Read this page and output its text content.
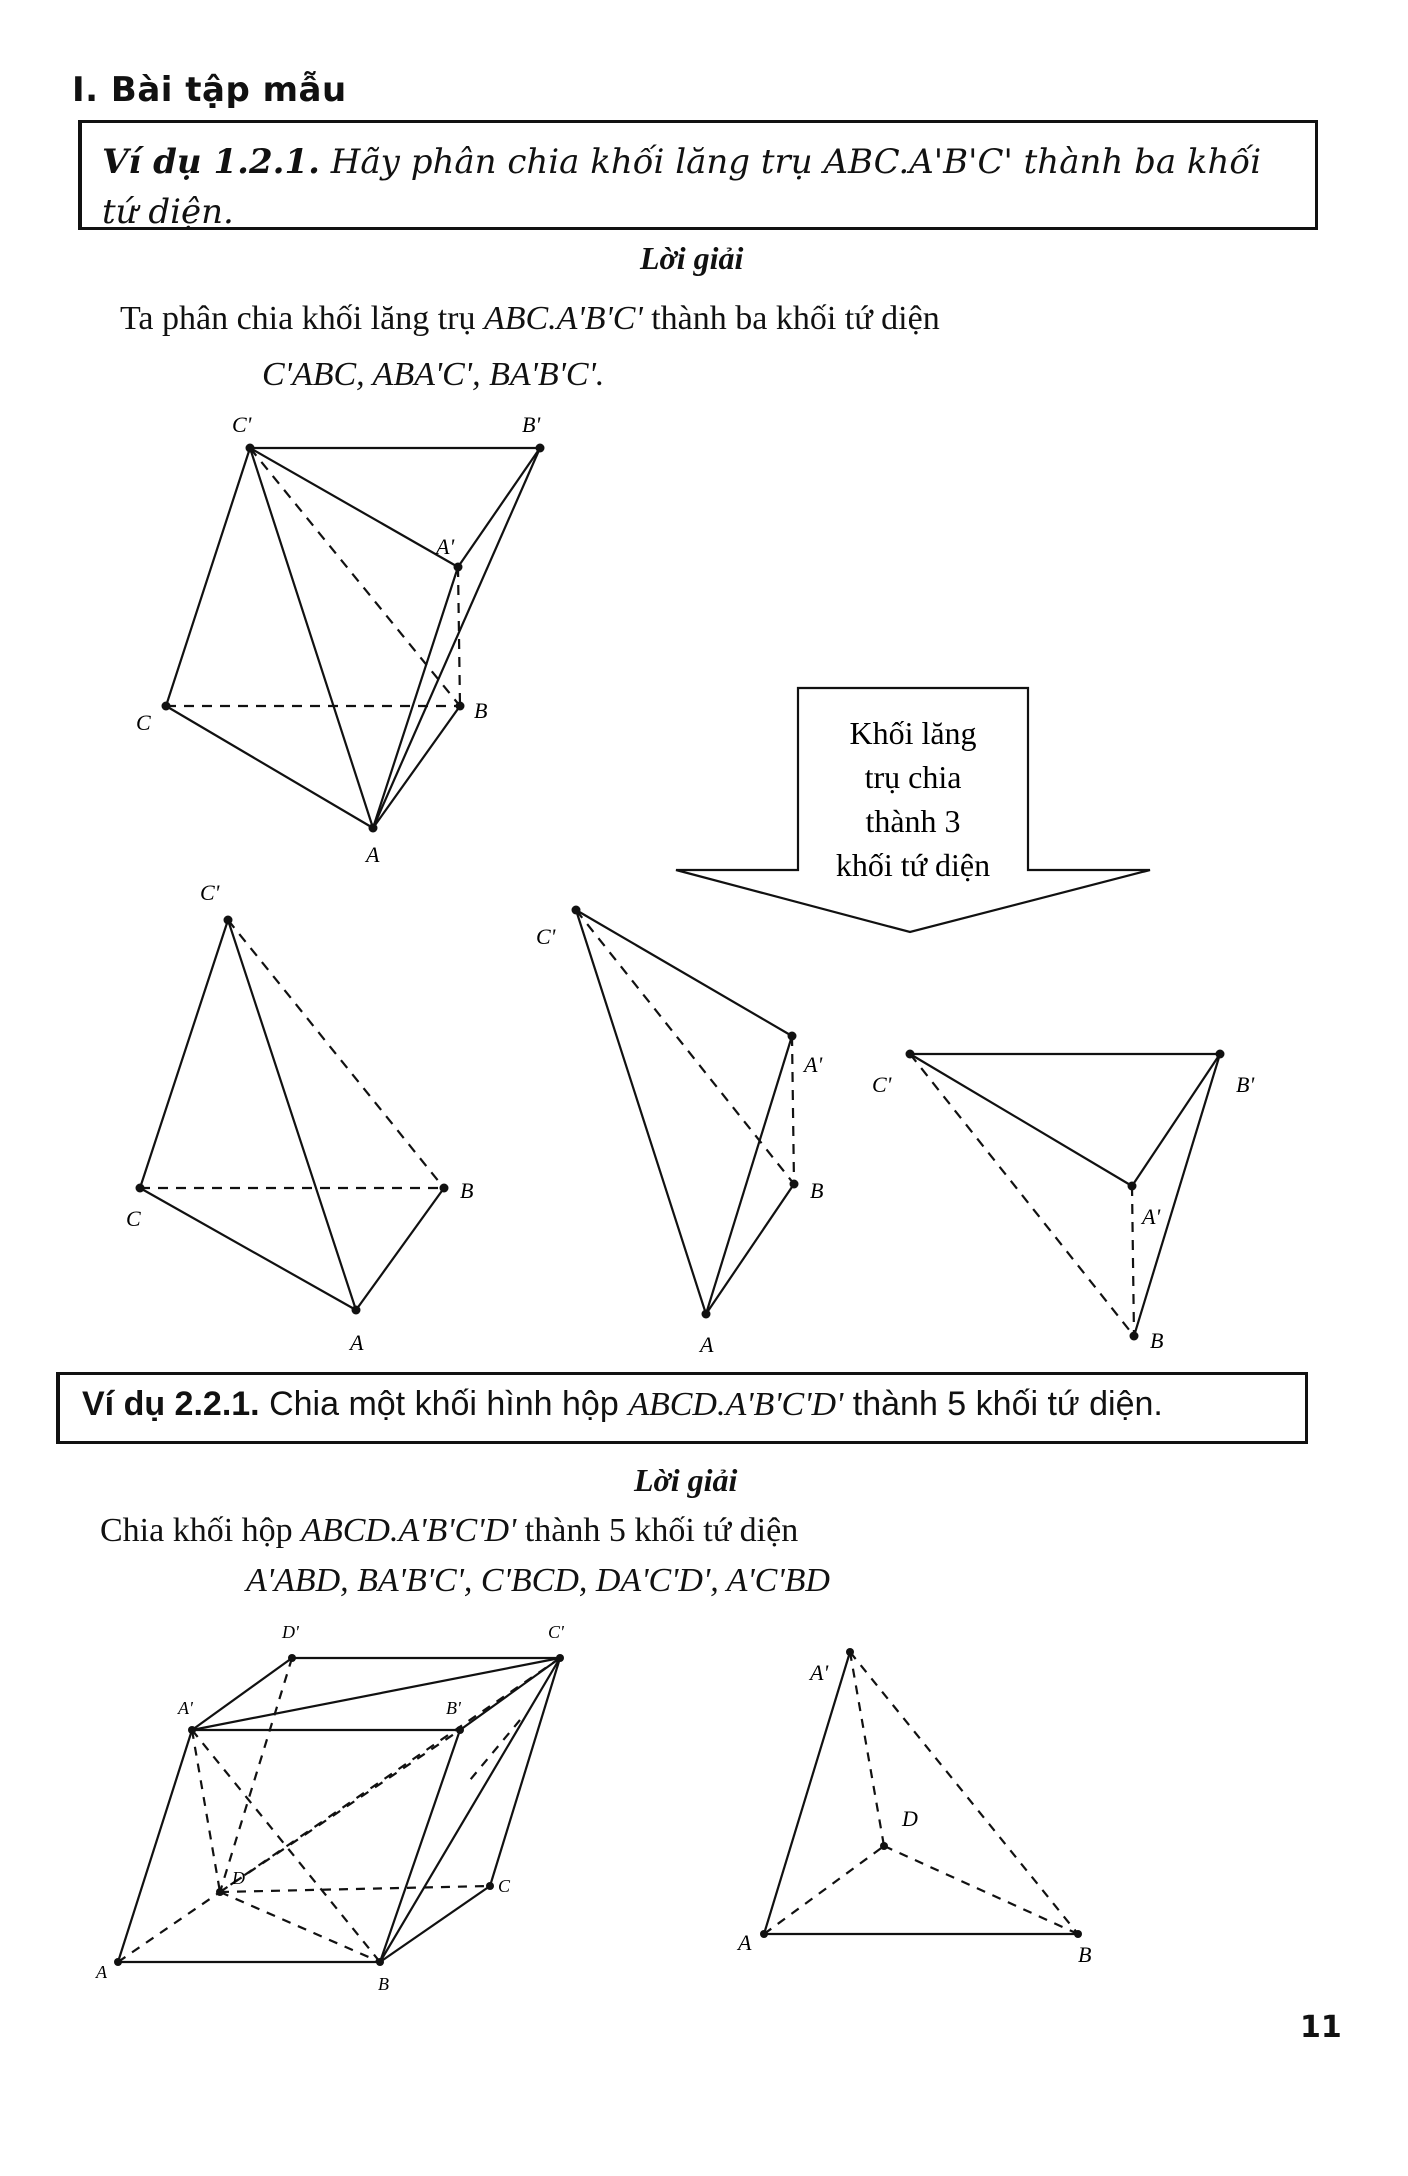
I. Bài tập mẫu
Ví dụ 1.2.1. Hãy phân chia khối lăng trụ ABC.A'B'C' thành ba khối tứ diện.
Lời giải
Ta phân chia khối lăng trụ ABC.A'B'C' thành ba khối tứ diện
C'ABC, ABA'C', BA'B'C'.
Ví dụ 2.2.1. Chia một khối hình hộp ABCD.A'B'C'D' thành 5 khối tứ diện.
Lời giải
Chia khối hộp ABCD.A'B'C'D' thành 5 khối tứ diện
A'ABD, BA'B'C', C'BCD, DA'C'D', A'C'BD
11
Khối lăng
trụ chia
thành 3
khối tứ diện
C'	B'
A'
C	B
A
C'
C
B
A
C'
A'
B
A
C'	B'
A'
B
D'	C'
A'	B'
D	C
A
B
A'
D
A	B
